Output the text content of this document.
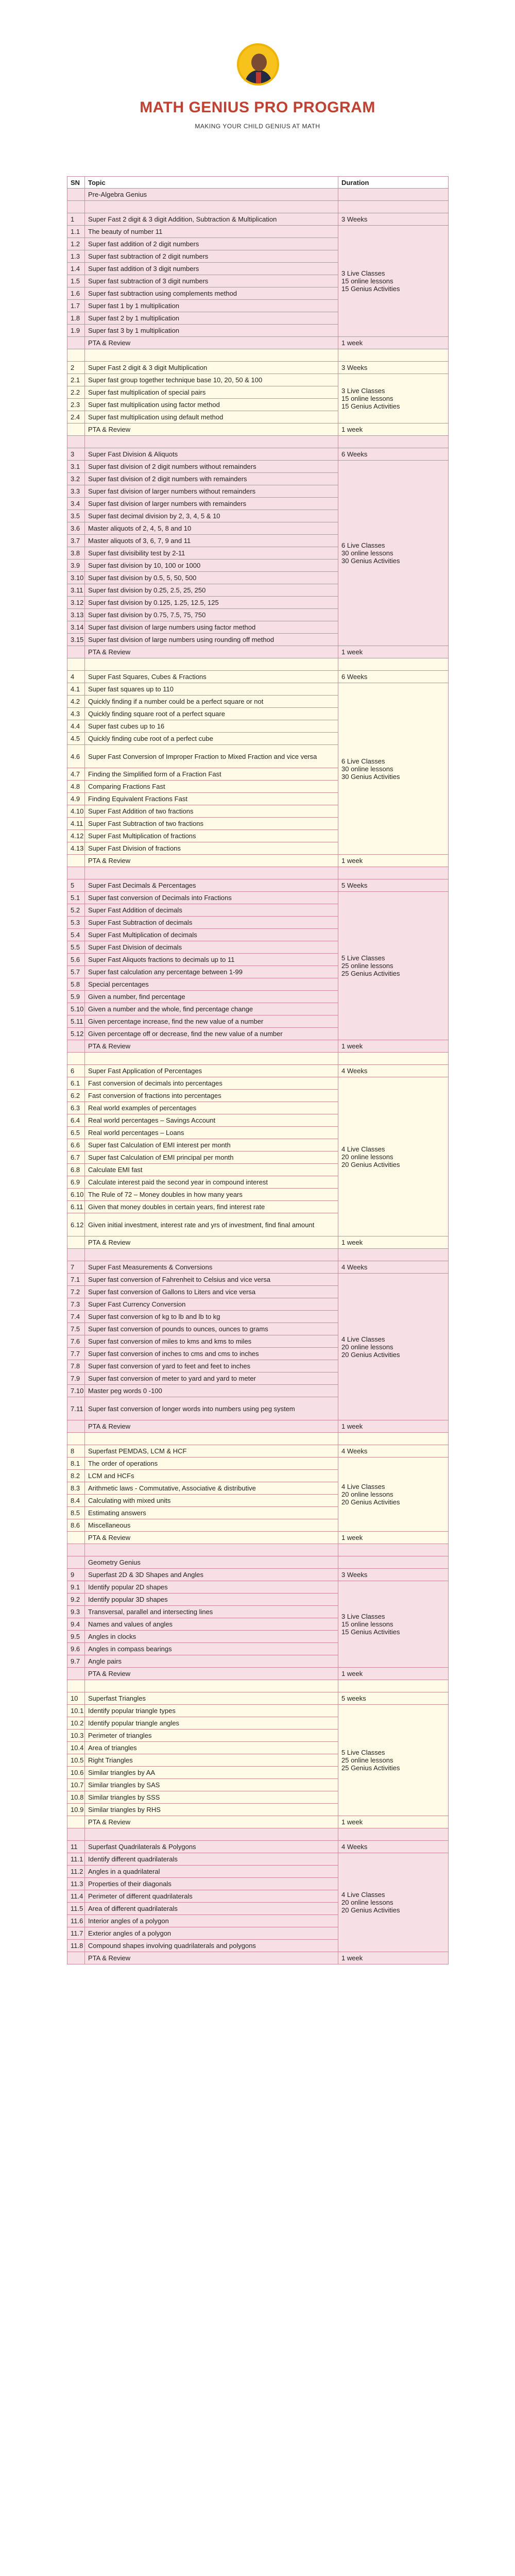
MATH GENIUS PRO PROGRAM
MAKING YOUR CHILD GENIUS AT MATH
SN	Topic	Duration
	Pre-Algebra Genius	

1	Super Fast 2 digit & 3 digit Addition, Subtraction & Multiplication	3 Weeks
1.1	The beauty of number 11	3 Live Classes
15 online lessons
15 Genius Activities
1.2	Super fast addition of 2 digit numbers	
1.3	Super fast subtraction of 2 digit numbers	
1.4	Super fast addition of 3 digit numbers	
1.5	Super fast subtraction of 3 digit numbers	
1.6	Super fast subtraction using complements method	
1.7	Super fast 1 by 1 multiplication	
1.8	Super fast 2 by 1 multiplication	
1.9	Super fast 3 by 1 multiplication	
	PTA & Review	1 week

2	Super Fast 2 digit & 3 digit Multiplication	3 Weeks
2.1	Super fast group together technique base 10, 20, 50 & 100	3 Live Classes
15 online lessons
15 Genius Activities
2.2	Super fast multiplication of special pairs	
2.3	Super fast multiplication using factor method	
2.4	Super fast multiplication using default method	
	PTA & Review	1 week

3	Super Fast Division & Aliquots	6 Weeks
3.1	Super fast division of 2 digit numbers without remainders	6 Live Classes
30 online lessons
30 Genius Activities
3.2	Super fast division of 2 digit numbers with remainders	
3.3	Super fast division of larger numbers without remainders	
3.4	Super fast division of larger numbers with remainders	
3.5	Super fast decimal division by 2, 3, 4, 5 & 10	
3.6	Master aliquots of 2, 4, 5, 8 and 10	
3.7	Master aliquots of 3, 6, 7, 9 and 11	
3.8	Super fast divisibility test by 2-11	
3.9	Super fast division by 10, 100 or 1000	
3.10	Super fast division by 0.5, 5, 50, 500	
3.11	Super fast division by 0.25, 2.5, 25, 250	
3.12	Super fast division by 0.125, 1.25, 12.5, 125	
3.13	Super fast division by 0.75, 7.5, 75, 750	
3.14	Super fast division of large numbers using factor method	
3.15	Super fast division of large numbers using rounding off method	
	PTA & Review	1 week

4	Super Fast Squares, Cubes & Fractions	6 Weeks
4.1	Super fast squares up to 110	6 Live Classes
30 online lessons
30 Genius Activities
4.2	Quickly finding if a number could be a perfect square or not	
4.3	Quickly finding square root of a perfect square	
4.4	Super fast cubes up to 16	
4.5	Quickly finding cube root of a perfect cube	
4.6	Super Fast Conversion of Improper Fraction to Mixed Fraction and vice versa	
4.7	Finding the Simplified form of a Fraction Fast	
4.8	Comparing Fractions Fast	
4.9	Finding Equivalent Fractions Fast	
4.10	Super Fast Addition of two fractions	
4.11	Super Fast Subtraction of two fractions	
4.12	Super Fast Multiplication of fractions	
4.13	Super Fast Division of fractions	
	PTA & Review	1 week

5	Super Fast Decimals & Percentages	5 Weeks
5.1	Super fast conversion of Decimals into Fractions	5 Live Classes
25 online lessons
25 Genius Activities
5.2	Super Fast Addition of decimals	
5.3	Super Fast Subtraction of decimals	
5.4	Super Fast Multiplication of decimals	
5.5	Super Fast Division of decimals	
5.6	Super Fast Aliquots fractions to decimals up to 11	
5.7	Super fast calculation any percentage between 1-99	
5.8	Special percentages	
5.9	Given a number, find percentage	
5.10	Given a number and the whole, find percentage change	
5.11	Given percentage increase, find the new value of a number	
5.12	Given percentage off or decrease, find the new value of a number	
	PTA & Review	1 week

6	Super Fast Application of Percentages	4 Weeks
6.1	Fast conversion of decimals into percentages	4 Live Classes
20 online lessons
20 Genius Activities
6.2	Fast conversion of fractions into percentages	
6.3	Real world examples of percentages	
6.4	Real world percentages – Savings Account	
6.5	Real world percentages – Loans	
6.6	Super fast Calculation of EMI interest per month	
6.7	Super fast Calculation of EMI principal per month	
6.8	Calculate EMI fast	
6.9	Calculate interest paid the second year in compound interest	
6.10	The Rule of 72 – Money doubles in how many years	
6.11	Given that money doubles in certain years, find interest rate	
6.12	Given initial investment, interest rate and yrs of investment, find final amount	
	PTA & Review	1 week

7	Super Fast Measurements & Conversions	4 Weeks
7.1	Super fast conversion of Fahrenheit to Celsius and vice versa	4 Live Classes
20 online lessons
20 Genius Activities
7.2	Super fast conversion of Gallons to Liters and vice versa	
7.3	Super Fast Currency Conversion	
7.4	Super fast conversion of kg to lb and lb to kg	
7.5	Super fast conversion of pounds to ounces, ounces to grams	
7.6	Super fast conversion of miles to kms and kms to miles	
7.7	Super fast conversion of inches to cms and cms to inches	
7.8	Super fast conversion of yard to feet and feet to inches	
7.9	Super fast conversion of meter to yard and yard to meter	
7.10	Master peg words 0 -100	
7.11	Super fast conversion of longer words into numbers using peg system	
	PTA & Review	1 week

8	Superfast PEMDAS, LCM & HCF	4 Weeks
8.1	The order of operations	4 Live Classes
20 online lessons
20 Genius Activities
8.2	LCM and HCFs	
8.3	Arithmetic laws - Commutative, Associative & distributive	
8.4	Calculating with mixed units	
8.5	Estimating answers	
8.6	Miscellaneous	
	PTA & Review	1 week

	Geometry Genius	
9	Superfast 2D & 3D Shapes and Angles	3 Weeks
9.1	Identify popular 2D shapes	3 Live Classes
15 online lessons
15 Genius Activities
9.2	Identify popular 3D shapes	
9.3	Transversal, parallel and intersecting lines	
9.4	Names and values of angles	
9.5	Angles in clocks	
9.6	Angles in compass bearings	
9.7	Angle pairs	
	PTA & Review	1 week

10	Superfast Triangles	5 weeks
10.1	Identify popular triangle types	5 Live Classes
25 online lessons
25 Genius Activities
10.2	Identify popular triangle angles	
10.3	Perimeter of triangles	
10.4	Area of triangles	
10.5	Right Triangles	
10.6	Similar triangles by AA	
10.7	Similar triangles by SAS	
10.8	Similar triangles by SSS	
10.9	Similar triangles by RHS	
	PTA & Review	1 week

11	Superfast Quadrilaterals & Polygons	4 Weeks
11.1	Identify different quadrilaterals	4 Live Classes
20 online lessons
20 Genius Activities
11.2	Angles in a quadrilateral	
11.3	Properties of their diagonals	
11.4	Perimeter of different quadrilaterals	
11.5	Area of different quadrilaterals	
11.6	Interior angles of a polygon	
11.7	Exterior angles of a polygon	
11.8	Compound shapes involving quadrilaterals and polygons	
	PTA & Review	1 week
